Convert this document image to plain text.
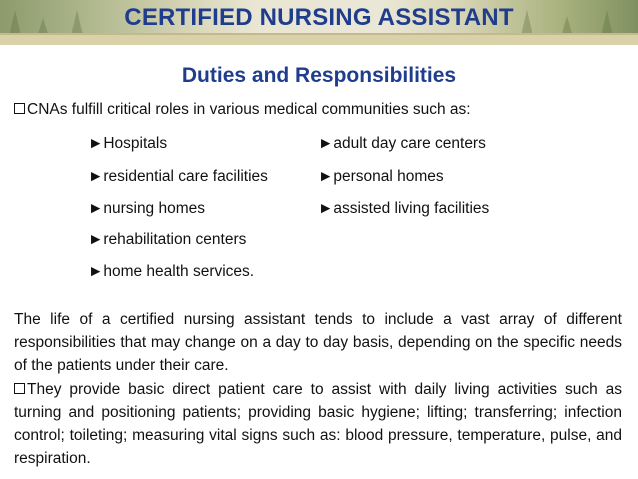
CERTIFIED NURSING ASSISTANT
Duties and Responsibilities
CNAs fulfill critical roles in various medical communities such as:
►Hospitals
►residential care facilities
►nursing homes
►rehabilitation centers
►home health services.
►adult day care centers
►personal homes
►assisted living facilities
The life of a certified nursing assistant tends to include a vast array of different responsibilities that may change on a day to day basis, depending on the specific needs of the patients under their care.
They provide basic direct patient care to assist with daily living activities such as turning and positioning patients; providing basic hygiene; lifting; transferring; infection control; toileting; measuring vital signs such as: blood pressure, temperature, pulse, and respiration.
